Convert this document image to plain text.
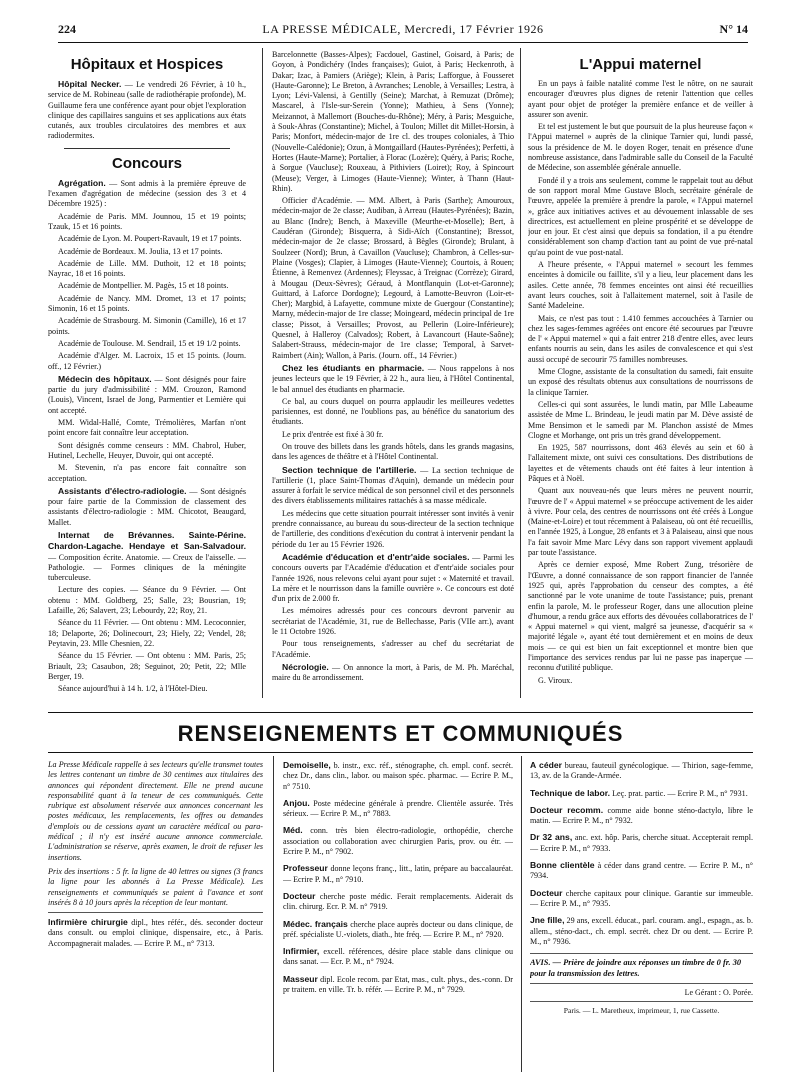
224	LA PRESSE MÉDICALE, Mercredi, 17 Février 1926	N° 14
Hôpitaux et Hospices

Hôpital Necker. — Le vendredi 26 Février, à 10 h., service de M. Robineau (salle de radiothérapie profonde), M. Guillaume fera une conférence ayant pour objet l'exploration clinique des capillaires sanguins et ses applications aux états cutanés, aux troubles circulatoires des membres et aux radiodermites.

Concours

Agrégation. — Sont admis à la première épreuve de l'examen d'agrégation de médecine (session des 3 et 4 Décembre 1925) :

Académie de Paris. MM. Jounnou, 15 et 19 points; Tzauk, 15 et 16 points.

Académie de Lyon. M. Poupert-Ravault, 19 et 17 points.

Académie de Bordeaux. M. Joulia, 13 et 17 points.

Académie de Lille. MM. Duthoit, 12 et 18 points; Nayrac, 18 et 16 points.

Académie de Montpellier. M. Pagès, 15 et 18 points.

Académie de Nancy. MM. Dromet, 13 et 17 points; Simonin, 16 et 15 points.

Académie de Strasbourg. M. Simonin (Camille), 16 et 17 points.

Académie de Toulouse. M. Sendrail, 15 et 19 1/2 points.

Académie d'Alger. M. Lacroix, 15 et 15 points. (Journ. off., 12 Février.)

Médecin des hôpitaux. — Sont désignés pour faire partie du jury d'admissibilité : MM. Crouzon, Ramond (Louis), Vincent, Israel de Jong, Parmentier et Lemière qui ont accepté.

MM. Widal-Hallé, Comte, Trémolières, Marfan n'ont point encore fait connaître leur acceptation.

Sont désignés comme censeurs : MM. Chabrol, Huber, Hutinel, Lechelle, Heuyer, Duvoir, qui ont accepté.

M. Stevenin, n'a pas encore fait connaître son acceptation.

Assistants d'électro-radiologie. — Sont désignés pour faire partie de la Commission de classement des assistants d'électro-radiologie : MM. Chicotot, Beaugard, Mallet.

Internat de Brévannes. Sainte-Périne. Chardon-Lagache. Hendaye et San-Salvadour. — Composition écrite. Anatomie. — Creux de l'aisselle. — Pathologie. — Formes cliniques de la méningite tuberculeuse.

Lecture des copies. — Séance du 9 Février. — Ont obtenu : MM. Goldberg, 25; Salle, 23; Bousrian, 19; Lafaille, 26; Salavert, 23; Lebourdy, 22; Roy, 21.

Séance du 11 Février. — Ont obtenu : MM. Lecoconnier, 18; Delaporte, 26; Dolinecourt, 23; Hiely, 22; Vendel, 28; Peytavin, 23. Mlle Chesnien, 22.

Séance du 15 Février. — Ont obtenu : MM. Paris, 25; Briault, 23; Casaubon, 28; Seguinot, 20; Petit, 22; Mlle Berger, 19.

Séance aujourd'hui à 14 h. 1/2, à l'Hôtel-Dieu.

Barcelonnette (Basses-Alpes); Facdouel, Gastinel, Goisard, à Paris; de Goyon, à Pondichéry (Indes françaises); Guiot, à Paris; Heckenroth, à Dakar; Izac, à Pamiers (Ariège); Klein, à Paris; Lafforgue, à Fousseret (Haute-Garonne); Le Breton, à Avranches; Lenoble, à Versailles; Lestra, à Lyon; Lévi-Valensi, à Gentilly (Seine); Marchat, à Remuzat (Drôme); Mascarel, à l'Isle-sur-Serein (Yonne); Mathieu, à Sens (Yonne); Meizannot, à Mallemort (Bouches-du-Rhône); Méry, à Paris; Mesguiche, à Souk-Ahras (Constantine); Michel, à Toulon; Millet dit Millet-Horsin, à Paris; Monfort, médecin-major de 1re cl. des troupes coloniales, à Thio (Nouvelle-Calédonie); Ozun, à Montgaillard (Hautes-Pyrénées); Perfetti, à Hortes (Haute-Marne); Portalier, à Florac (Lozère); Quéry, à Paris; Roche, à Sorgue (Vaucluse); Rouxeau, à Pithiviers (Loiret); Roy, à Spincourt (Meuse); Verger, à Limoges (Haute-Vienne); Winter, à Thann (Haut-Rhin).

Officier d'Académie. — MM. Albert, à Paris (Sarthe); Amouroux, médecin-major de 2e classe; Audiban, à Arreau (Hautes-Pyrénées); Bazin, au Blanc (Indre); Bench, à Maxeville (Meurthe-et-Moselle); Bert, à Caudéran (Gironde); Bisquerra, à Sidi-Aïch (Constantine); Bressot, médecin-major de 2e classe; Brossard, à Bègles (Gironde); Brulant, à Soulzeer (Nord); Brun, à Cavaillon (Vaucluse); Chambron, à Celles-sur-Plaine (Vosges); Clapier, à Limoges (Haute-Vienne); Courtois, à Rouen; Étienne, à Remenvez (Ardennes); Fleyssac, à Treignac (Corrèze); Girard, à Mougau (Deux-Sèvres); Géraud, à Montflanquin (Lot-et-Garonne); Guittard, à Laforce Dordogne); Legourd, à Lamotte-Beuvron (Loir-et-Cher); Margbid, à Lafayette, commune mixte de Guergour (Constantine); Marny, médecin-major de 1re classe; Moingeard, médecin principal de 1re classe; Pissot, à Versailles; Provost, au Pellerin (Loire-Inférieure); Quesnel, à Halleroy (Calvados); Robert, à Lavancourt (Haute-Saône); Salabert-Strauss, médecin-major de 1re classe; Temporal, à Sarvet-Raimbert (Ain); Wallon, à Paris. (Journ. off., 14 Février.)

Chez les étudiants en pharmacie. — Nous rappelons à nos jeunes lecteurs que le 19 Février, à 22 h., aura lieu, à l'Hôtel Continental, le bal annuel des étudiants en pharmacie.

Ce bal, au cours duquel on pourra applaudir les meilleures vedettes parisiennes, est donné, ne l'oublions pas, au bénéfice du sanatorium des étudiants.

Le prix d'entrée est fixé à 30 fr.

On trouve des billets dans les grands hôtels, dans les grands magasins, dans les agences de théâtre et à l'Hôtel Continental.

Section technique de l'artillerie. — La section technique de l'artillerie (1, place Saint-Thomas d'Aquin), demande un médecin pour assurer à forfait le service médical de son personnel civil et des personnels des divers établissements militaires rattachés à sa masse médicale.

Les médecins que cette situation pourrait intéresser sont invités à venir prendre connaissance, au bureau du sous-directeur de la section technique de l'artillerie, des conditions d'exécution du contrat à intervenir pendant la période du 1er au 15 Février 1926.

Académie d'éducation et d'entr'aide sociales. — Parmi les concours ouverts par l'Académie d'éducation et d'entr'aide sociales pour l'année 1926, nous relevons celui ayant pour sujet : « Maternité et travail. La mère et le nourrisson dans la famille ouvrière ». Ce concours est doté d'un prix de 2.000 fr.

Les mémoires adressés pour ces concours devront parvenir au secrétariat de l'Académie, 31, rue de Bellechasse, Paris (VIIe arr.), avant le 11 Octobre 1926.

Pour tous renseignements, s'adresser au chef du secrétariat de l'Académie.

Nécrologie. — On annonce la mort, à Paris, de M. Ph. Maréchal, maire du 8e arrondissement.

L'Appui maternel

En un pays à faible natalité comme l'est le nôtre, on ne saurait encourager d'œuvres plus dignes de retenir l'attention que celles ayant pour objet de protéger la première enfance et de veiller à assurer son avenir.

Et tel est justement le but que poursuit de la plus heureuse façon « l'Appui maternel » auprès de la clinique Tarnier qui, lundi passé, sous la présidence de M. le doyen Roger, tenait en présence d'une nombreuse assistance, dans l'admirable salle du Conseil de la Faculté de Médecine, son assemblée générale annuelle.

Fondé il y a trois ans seulement, comme le rappelait tout au début de son rapport moral Mme Gustave Bloch, secrétaire générale de l'œuvre, appelée la première à prendre la parole, « l'Appui maternel », grâce aux initiatives actives et au dévouement inlassable de ses directrices, est actuellement en pleine prospérité et se développe de jour en jour. Et c'est ainsi que depuis sa fondation, il a pu étendre considérablement son champ d'action tant au point de vue pré-natal qu'au point de vue post-natal.

A l'heure présente, « l'Appui maternel » secourt les femmes enceintes à domicile ou faillite, s'il y a lieu, leur placement dans les asiles. Cette année, 78 femmes enceintes ont ainsi été recueillies avant leurs couches, soit à l'allaitement maternel, soit à l'asile de Santé Madeleine.

Mais, ce n'est pas tout : 1.410 femmes accouchées à Tarnier ou chez les sages-femmes agréées ont encore été secourues par l'œuvre de l' « Appui maternel » qui a fait entrer 218 d'entre elles, avec leurs enfants nourris au sein, dans les asiles de convalescence et qui s'est aussi occupé de secourir 75 familles nombreuses.

Mme Clogne, assistante de la consultation du samedi, fait ensuite un exposé des résultats obtenus aux consultations de nourrissons de la clinique Tarnier.

Celles-ci qui sont assurées, le lundi matin, par Mlle Labeaume assistée de Mme L. Brindeau, le jeudi matin par M. Dève assisté de Mme Bensimon et le samedi par M. Planchon assisté de Mmes Clogne et Morhange, ont pris un très grand développement.

En 1925, 587 nourrissons, dont 463 élevés au sein et 60 à l'allaitement mixte, ont suivi ces consultations. Des distributions de layettes et de vêtements chauds ont été faites à leur intention à Pâques et à Noël.

Quant aux nouveau-nés que leurs mères ne peuvent nourrir, l'œuvre de l' « Appui maternel » se préoccupe activement de les aider à vivre. Pour cela, des centres de nourrissons ont été créés à Longue (Maine-et-Loire) et tout récemment à Palaiseau, où ont été recueillis, en l'année 1925, à Longue, 28 enfants et 3 à Palaiseau, ainsi que nous l'a fait savoir Mme Marc Lévy dans son rapport vivement applaudi par toute l'assistance.

Après ce dernier exposé, Mme Robert Zung, trésorière de l'Œuvre, a donné connaissance de son rapport financier de l'année 1925 qui, après l'approbation du censeur des comptes, a été sanctionné par le vote unanime de toute l'assistance; puis, prenant enfin la parole, M. le professeur Roger, dans une allocution pleine d'humour, a rendu grâce aux efforts des dévouées collaboratrices de l' « Appui maternel » qui vient, malgré sa jeunesse, d'acquérir sa « majorité légale », ayant été tout dernièrement et en moins de deux mois — ce qui est bien un fait exceptionnel et montre bien que l'importance des services rendus par lui ne passe pas inaperçue — reconnu d'utilité publique.

G. Viroux.

RENSEIGNEMENTS ET COMMUNIQUÉS

La Presse Médicale rappelle à ses lecteurs qu'elle transmet toutes les lettres contenant un timbre de 30 centimes aux titulaires des annonces qui répondent directement. Elle ne prend aucune responsabilité quant à la teneur de ces communiqués. Cette rubrique est absolument réservée aux annonces concernant les postes médicaux, les remplacements, les offres ou demandes d'emplois ou de cessions ayant un caractère médical ou para-médical ; il n'y est inséré aucune annonce commerciale. L'administration se réserve, après examen, le droit de refuser les insertions.

Prix des insertions : 5 fr. la ligne de 40 lettres ou signes (3 francs la ligne pour les abonnés à La Presse Médicale). Les renseignements et communiqués se paient à l'avance et sont insérés 8 à 10 jours après la réception de leur montant.

Infirmière chirurgie dipl., htes référ., dés. seconder docteur dans consult. ou emploi clinique, dispensaire, etc., à Paris. Accompagnerait malades. — Ecrire P. M., n° 7313.

Demoiselle, b. instr., exc. réf., sténographe, ch. empl. conf. secrét. chez Dr., dans clin., labor. ou maison spéc. pharmac. — Ecrire P. M., n° 7510.

Anjou. Poste médecine générale à prendre. Clientèle assurée. Très sérieux. — Ecrire P. M., n° 7883.

Méd. conn. très bien électro-radiologie, orthopédie, cherche association ou collaboration avec chirurgien Paris, prov. ou étr. — Ecrire P. M., n° 7902.

Professeur donne leçons franç., litt., latin, prépare au baccalauréat. — Ecrire P. M., n° 7910.

Docteur cherche poste médic. Ferait remplacements. Aiderait ds clin. chirurg. Ecr. P. M. n° 7919.

Médec. français cherche place auprès docteur ou dans clinique, de préf. spécialiste U.-violets, diath., hte fréq. — Ecrire P. M., n° 7920.

Infirmier, excell. références, désire place stable dans clinique ou dans sanat. — Ecr. P. M., n° 7924.

Masseur dipl. Ecole recom. par Etat, mas., cult. phys., des.-conn. Dr pr traitem. en ville. Tr. b. référ. — Ecrire P. M., n° 7929.

A céder bureau, fauteuil gynécologique. — Thirion, sage-femme, 13, av. de la Grande-Armée.

Technique de labor. Leç. prat. partic. — Ecrire P. M., n° 7931.

Docteur recomm. comme aide bonne sténo-dactylo, libre le matin. — Ecrire P. M., n° 7932.

Dr 32 ans, anc. ext. hôp. Paris, cherche situat. Accepterait rempl. — Ecrire P. M., n° 7933.

Bonne clientèle à céder dans grand centre. — Ecrire P. M., n° 7934.

Docteur cherche capitaux pour clinique. Garantie sur immeuble. — Ecrire P. M., n° 7935.

Jne fille, 29 ans, excell. éducat., parl. couram. angl., espagn., as. b. allem., sténo-dact., ch. empl. secrét. chez Dr ou dent. — Ecrire P. M., n° 7936.

AVIS. — Prière de joindre aux réponses un timbre de 0 fr. 30 pour la transmission des lettres.

Le Gérant : O. Porée.

Paris. — L. Maretheux, imprimeur, 1, rue Cassette.
